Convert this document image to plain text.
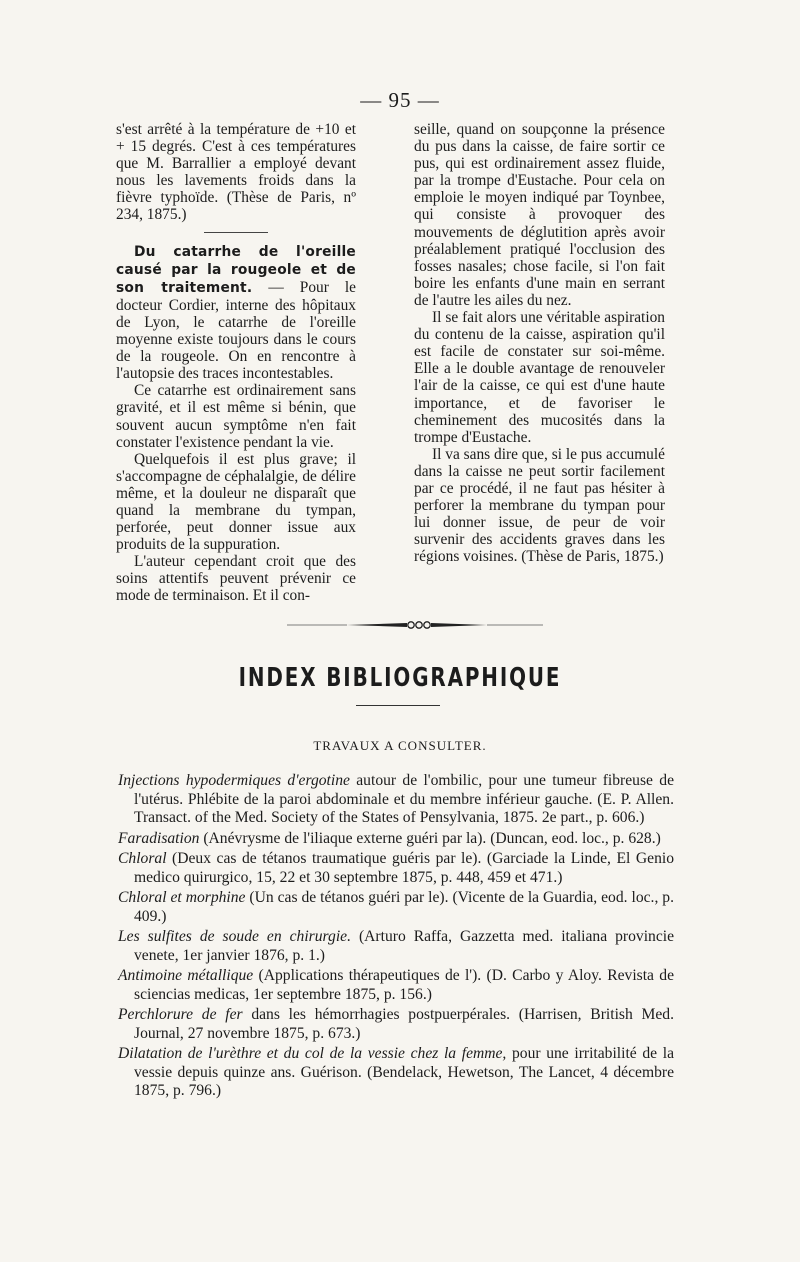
— 95 —

s'est arrêté à la température de +10 et + 15 degrés. C'est à ces températures que M. Barrallier a employé devant nous les lavements froids dans la fièvre typhoïde. (Thèse de Paris, nº 234, 1875.)

Du catarrhe de l'oreille causé par la rougeole et de son traitement. — Pour le docteur Cordier, interne des hôpitaux de Lyon, le catarrhe de l'oreille moyenne existe toujours dans le cours de la rougeole. On en rencontre à l'autopsie des traces incontestables.

Ce catarrhe est ordinairement sans gravité, et il est même si bénin, que souvent aucun symptôme n'en fait constater l'existence pendant la vie.

Quelquefois il est plus grave; il s'accompagne de céphalalgie, de délire même, et la douleur ne disparaît que quand la membrane du tympan, perforée, peut donner issue aux produits de la suppuration.

L'auteur cependant croit que des soins attentifs peuvent prévenir ce mode de terminaison. Et il con-

seille, quand on soupçonne la présence du pus dans la caisse, de faire sortir ce pus, qui est ordinairement assez fluide, par la trompe d'Eustache. Pour cela on emploie le moyen indiqué par Toynbee, qui consiste à provoquer des mouvements de déglutition après avoir préalablement pratiqué l'occlusion des fosses nasales; chose facile, si l'on fait boire les enfants d'une main en serrant de l'autre les ailes du nez.

Il se fait alors une véritable aspiration du contenu de la caisse, aspiration qu'il est facile de constater sur soi-même. Elle a le double avantage de renouveler l'air de la caisse, ce qui est d'une haute importance, et de favoriser le cheminement des mucosités dans la trompe d'Eustache.

Il va sans dire que, si le pus accumulé dans la caisse ne peut sortir facilement par ce procédé, il ne faut pas hésiter à perforer la membrane du tympan pour lui donner issue, de peur de voir survenir des accidents graves dans les régions voisines. (Thèse de Paris, 1875.)

INDEX BIBLIOGRAPHIQUE
TRAVAUX A CONSULTER.

Injections hypodermiques d'ergotine autour de l'ombilic, pour une tumeur fibreuse de l'utérus. Phlébite de la paroi abdominale et du membre inférieur gauche. (E. P. Allen. Transact. of the Med. Society of the States of Pensylvania, 1875. 2e part., p. 606.)

Faradisation (Anévrysme de l'iliaque externe guéri par la). (Duncan, eod. loc., p. 628.)

Chloral (Deux cas de tétanos traumatique guéris par le). (Garciade la Linde, El Genio medico quirurgico, 15, 22 et 30 septembre 1875, p. 448, 459 et 471.)

Chloral et morphine (Un cas de tétanos guéri par le). (Vicente de la Guardia, eod. loc., p. 409.)

Les sulfites de soude en chirurgie. (Arturo Raffa, Gazzetta med. italiana provincie venete, 1er janvier 1876, p. 1.)

Antimoine métallique (Applications thérapeutiques de l'). (D. Carbo y Aloy. Revista de sciencias medicas, 1er septembre 1875, p. 156.)

Perchlorure de fer dans les hémorrhagies postpuerpérales. (Harrisen, British Med. Journal, 27 novembre 1875, p. 673.)

Dilatation de l'urèthre et du col de la vessie chez la femme, pour une irritabilité de la vessie depuis quinze ans. Guérison. (Bendelack, Hewetson, The Lancet, 4 décembre 1875, p. 796.)
